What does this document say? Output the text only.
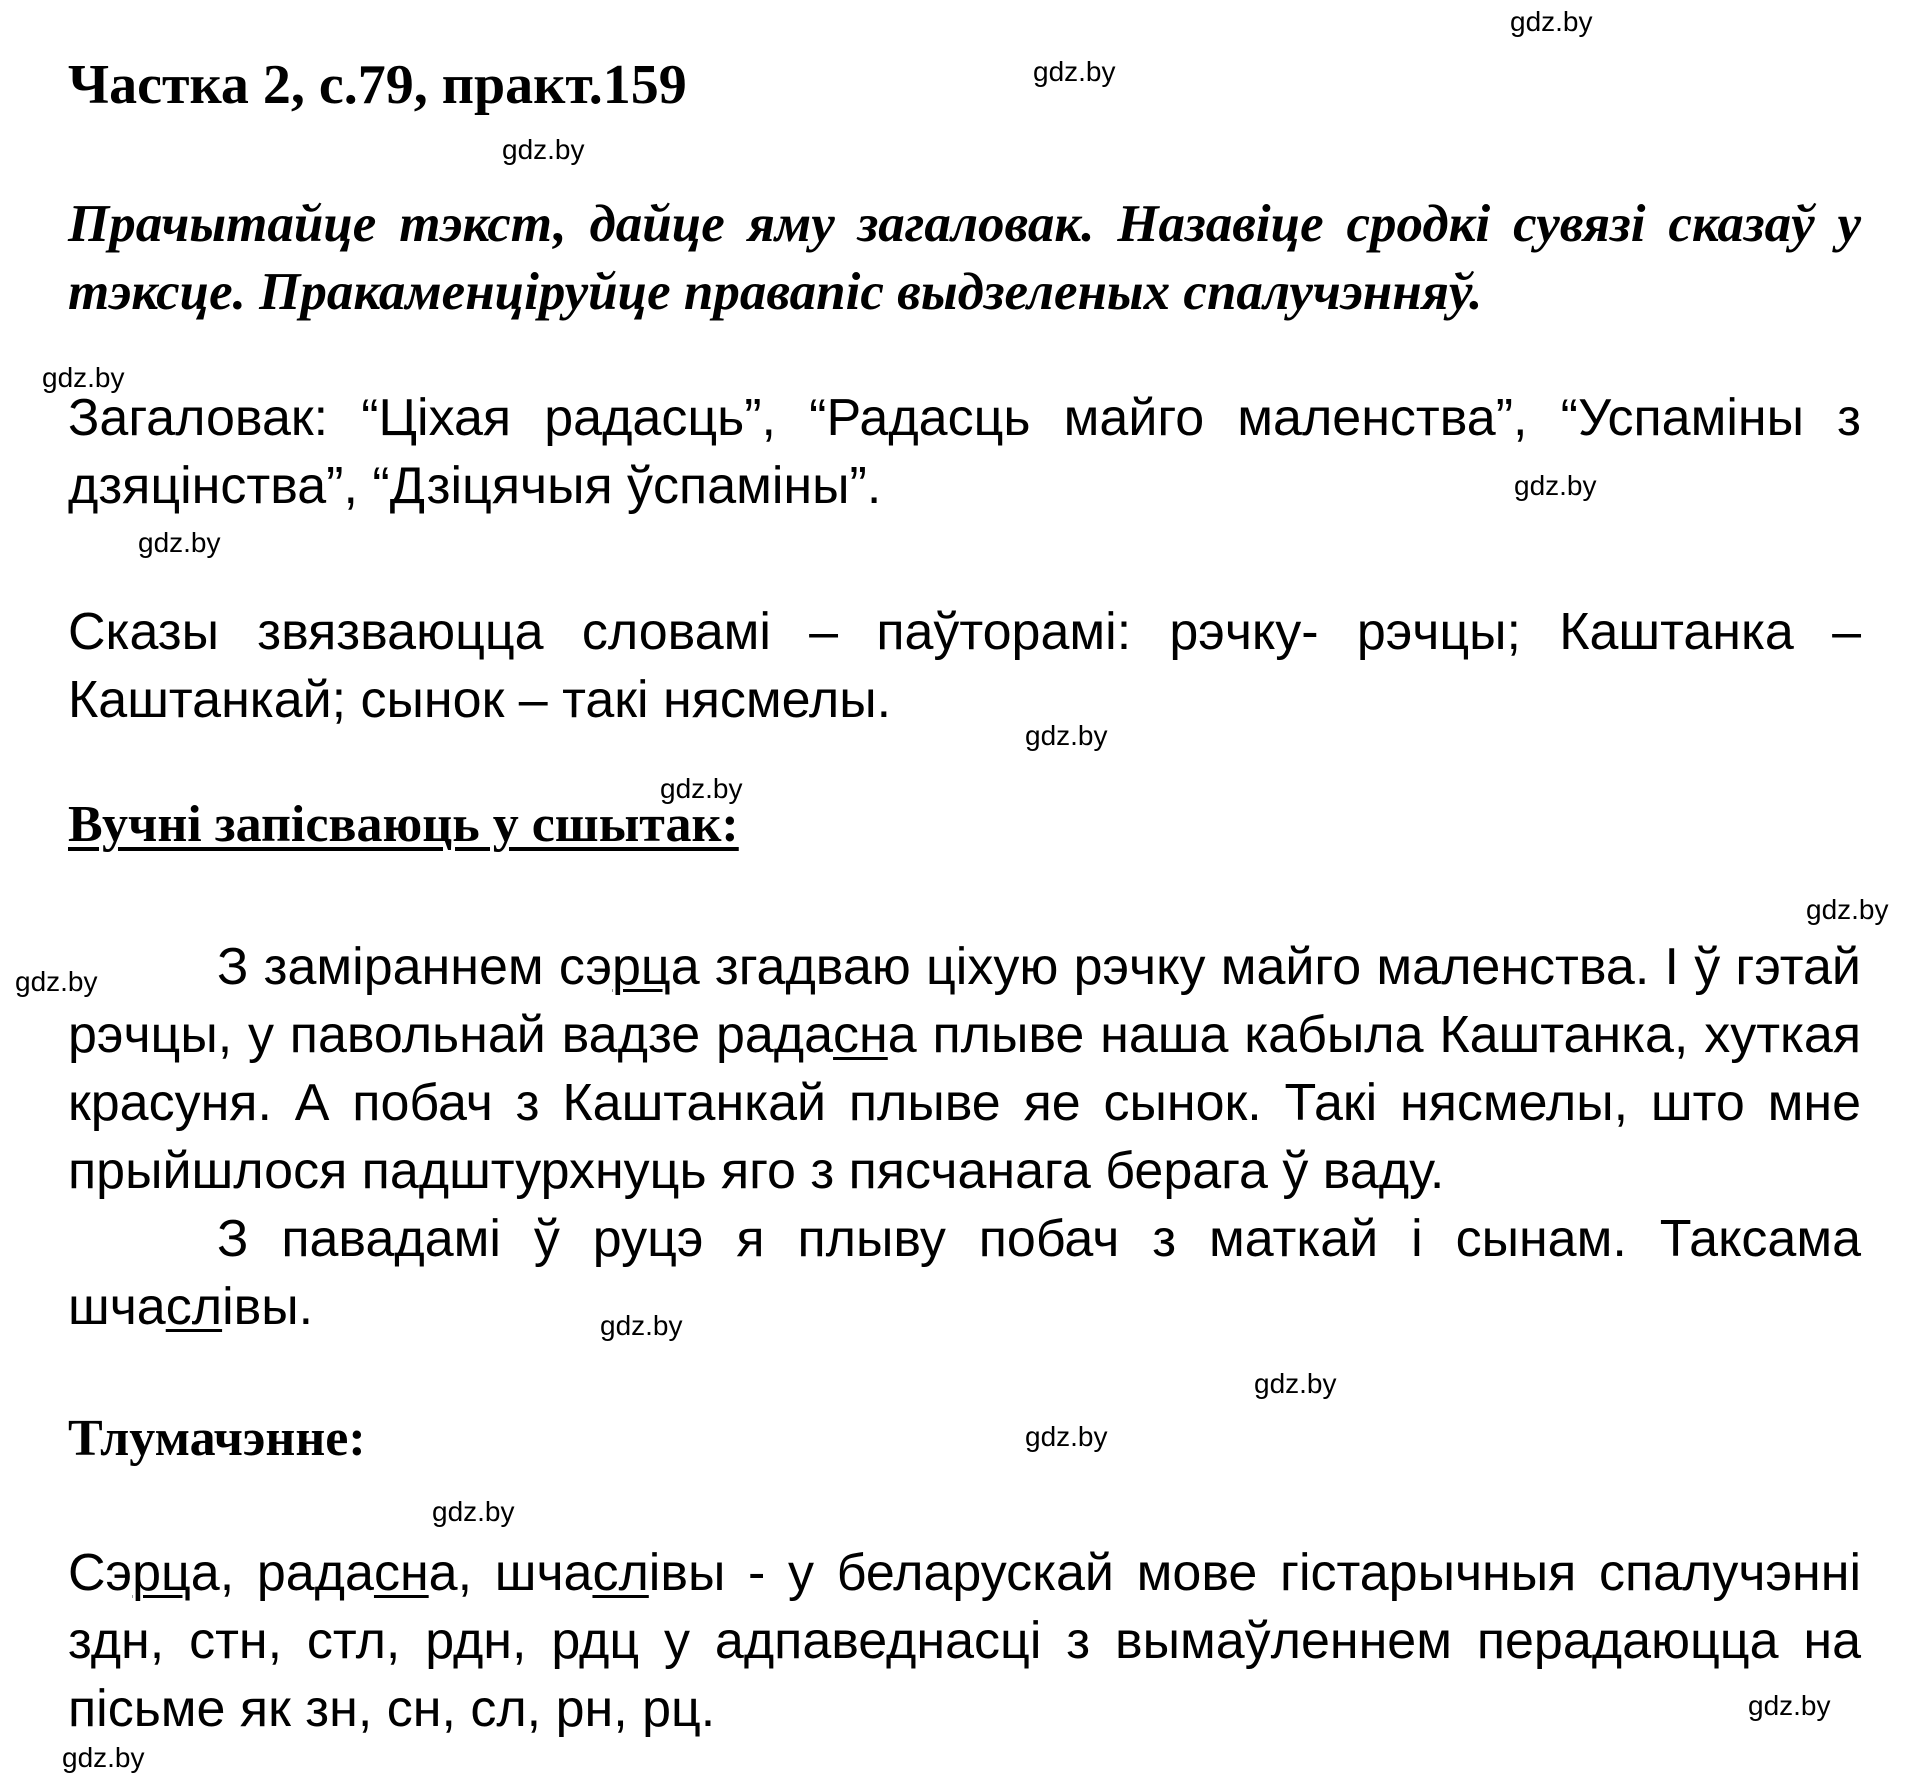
gdz.by
gdz.by
gdz.by
gdz.by
gdz.by
gdz.by
gdz.by
gdz.by
gdz.by
gdz.by
gdz.by
gdz.by
gdz.by
gdz.by
gdz.by
gdz.by
Частка 2, с.79, практ.159
Прачытайце тэкст, дайце яму загаловак. Назавіце сродкі сувязі сказаў у тэксце. Пракаменціруйце правапіс выдзеленых спалучэнняў.

Загаловак: “Ціхая радасць”, “Радасць майго маленства”, “Успаміны з дзяцінства”, “Дзіцячыя ўспаміны”.

Сказы звязваюцца словамі – паўторамі: рэчку- рэчцы; Каштанка – Каштанкай; сынок – такі нясмелы.

Вучні запісваюць у сшытак:

З заміраннем сэрца згадваю ціхую рэчку майго маленства. І ў гэтай рэчцы, у павольнай вадзе радасна плыве наша кабыла Каштанка, хуткая красуня. А побач з Каштанкай плыве яе сынок. Такі нясмелы, што мне прыйшлося падштурхнуць яго з пясчанага берага ў ваду.

З павадамі ў руцэ я плыву побач з маткай і сынам. Таксама шчаслівы.

Тлумачэнне:

Сэрца, радасна, шчаслівы - у беларускай мове гістарычныя спалучэнні здн, стн, стл, рдн, рдц у адпаведнасці з вымаўленнем перадаюцца на пісьме як зн, сн, сл, рн, рц.
